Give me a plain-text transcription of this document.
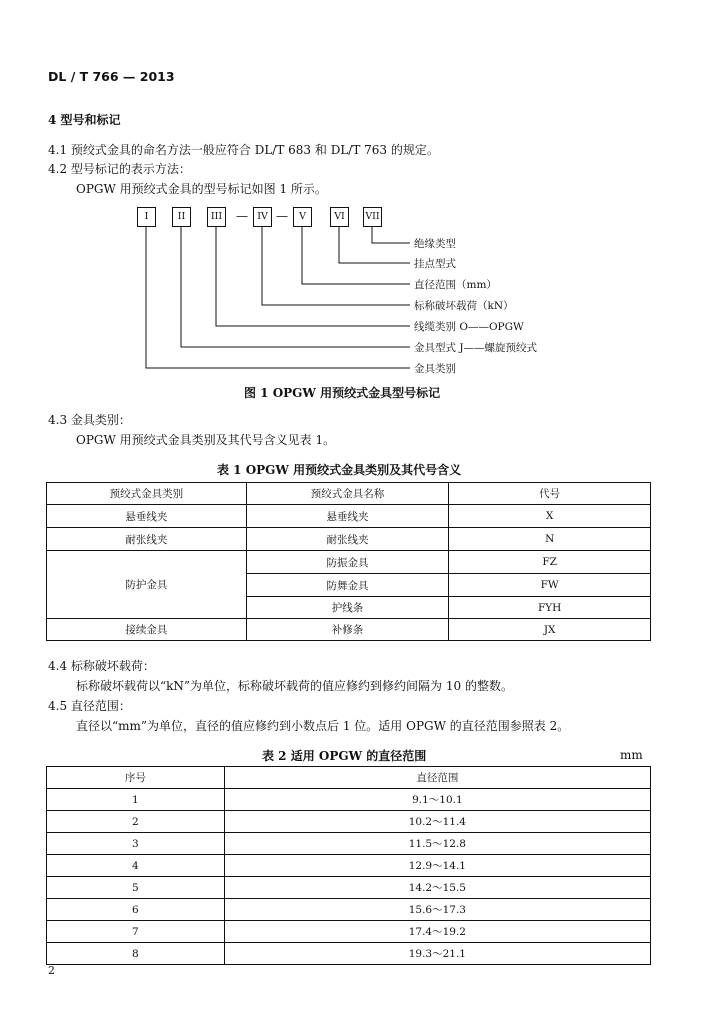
DL / T 766 — 2013
4 型号和标记
4.1 预绞式金具的命名方法一般应符合 DL/T 683 和 DL/T 763 的规定。
4.2 型号标记的表示方法：
OPGW 用预绞式金具的型号标记如图 1 所示。
I	II	III	— IV —	V	VI	VII
绝缘类型
挂点型式
直径范围（mm）
标称破坏载荷（kN）
线缆类别 O——OPGW
金具型式 J——螺旋预绞式
金具类别
图 1 OPGW 用预绞式金具型号标记
4.3 金具类别：
OPGW 用预绞式金具类别及其代号含义见表 1。
表 1 OPGW 用预绞式金具类别及其代号含义
预绞式金具类别	预绞式金具名称	代号
悬垂线夹	悬垂线夹	X
耐张线夹	耐张线夹	N
防护金具	防振金具	FZ
	防舞金具	FW
	护线条	FYH
接续金具	补修条	JX
4.4 标称破坏载荷：
标称破坏载荷以“kN”为单位，标称破坏载荷的值应修约到修约间隔为 10 的整数。
4.5 直径范围：
直径以“mm”为单位，直径的值应修约到小数点后 1 位。适用 OPGW 的直径范围参照表 2。
表 2 适用 OPGW 的直径范围	mm
序号	直径范围
1	9.1～10.1
2	10.2～11.4
3	11.5～12.8
4	12.9～14.1
5	14.2～15.5
6	15.6～17.3
7	17.4～19.2
8	19.3～21.1
2
